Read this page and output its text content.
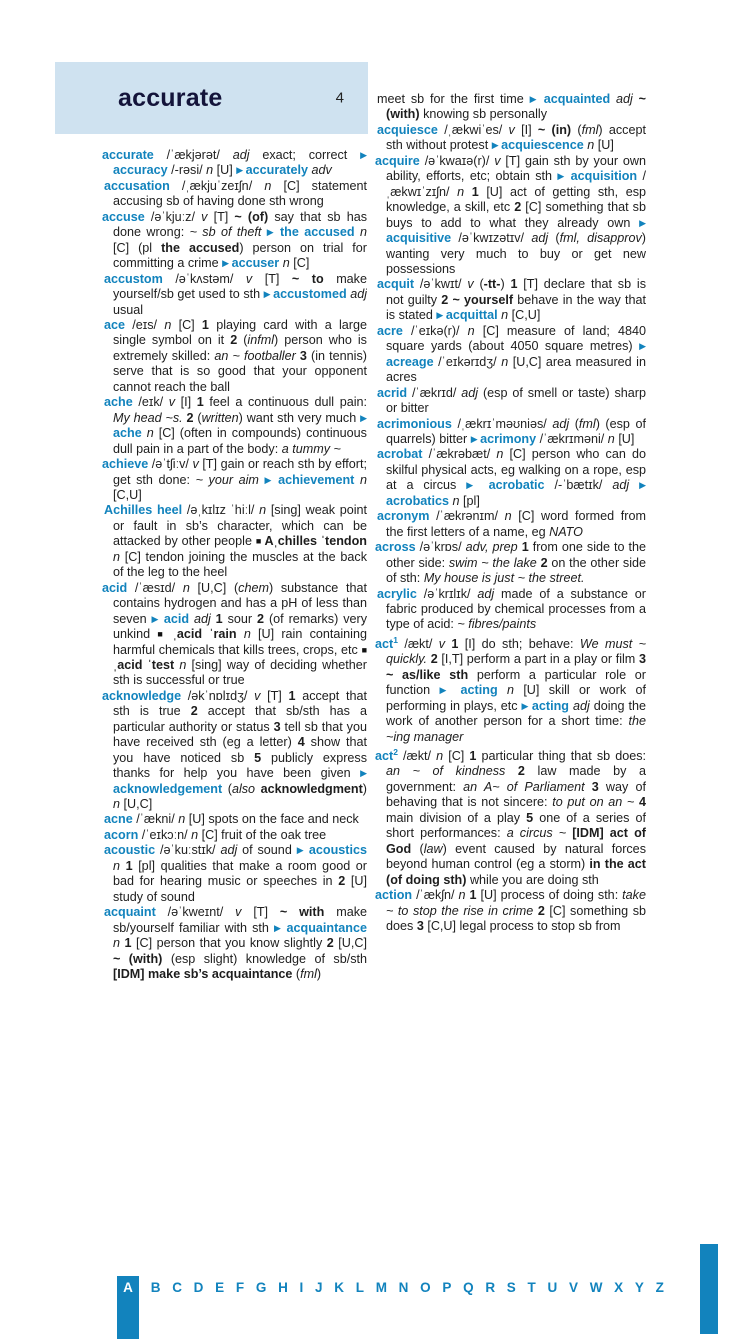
accurate	4

accurate /ˈækjərət/ adj exact; correct ▶ accuracy /-rəsi/ n [U] ▶ accurately adv

accusation /ˌækjuˈzeɪʃn/ n [C] statement accusing sb of having done sth wrong

accuse /əˈkjuːz/ v [T] ~ (of) say that sb has done wrong: ~ sb of theft ▶ the accused n [C] (pl the accused) person on trial for committing a crime ▶ accuser n [C]

accustom /əˈkʌstəm/ v [T] ~ to make yourself/sb get used to sth ▶ accustomed adj usual

ace /eɪs/ n [C] 1 playing card with a large single symbol on it 2 (infml) person who is extremely skilled: an ~ footballer 3 (in tennis) serve that is so good that your opponent cannot reach the ball

ache /eɪk/ v [I] 1 feel a continuous dull pain: My head ~s. 2 (written) want sth very much ▶ ache n [C] (often in compounds) continuous dull pain in a part of the body: a tummy ~

achieve /əˈtʃiːv/ v [T] gain or reach sth by effort; get sth done: ~ your aim ▶ achievement n [C,U]

Achilles heel /əˌkɪlɪz ˈhiːl/ n [sing] weak point or fault in sb’s character, which can be attacked by other people ■ Aˌchilles ˈtendon n [C] tendon joining the muscles at the back of the leg to the heel

acid /ˈæsɪd/ n [U,C] (chem) substance that contains hydrogen and has a pH of less than seven ▶ acid adj 1 sour 2 (of remarks) very unkind ■ ˌacid ˈrain n [U] rain containing harmful chemicals that kills trees, crops, etc ■ ˌacid ˈtest n [sing] way of deciding whether sth is successful or true

acknowledge /əkˈnɒlɪdʒ/ v [T] 1 accept that sth is true 2 accept that sb/sth has a particular authority or status 3 tell sb that you have received sth (eg a letter) 4 show that you have noticed sb 5 publicly express thanks for help you have been given ▶ acknowledgement (also acknowledgment) n [U,C]

acne /ˈækni/ n [U] spots on the face and neck

acorn /ˈeɪkɔːn/ n [C] fruit of the oak tree

acoustic /əˈkuːstɪk/ adj of sound ▶ acoustics n 1 [pl] qualities that make a room good or bad for hearing music or speeches in 2 [U] study of sound

acquaint /əˈkweɪnt/ v [T] ~ with make sb/yourself familiar with sth ▶ acquaintance n 1 [C] person that you know slightly 2 [U,C] ~ (with) (esp slight) knowledge of sb/sth [IDM] make sb’s acquaintance (fml)

meet sb for the first time ▶ acquainted adj ~ (with) knowing sb personally

acquiesce /ˌækwiˈes/ v [I] ~ (in) (fml) accept sth without protest ▶ acquiescence n [U]

acquire /əˈkwaɪə(r)/ v [T] gain sth by your own ability, efforts, etc; obtain sth ▶ acquisition /ˌækwɪˈzɪʃn/ n 1 [U] act of getting sth, esp knowledge, a skill, etc 2 [C] something that sb buys to add to what they already own ▶ acquisitive /əˈkwɪzətɪv/ adj (fml, disapprov) wanting very much to buy or get new possessions

acquit /əˈkwɪt/ v (-tt-) 1 [T] declare that sb is not guilty 2 ~ yourself behave in the way that is stated ▶ acquittal n [C,U]

acre /ˈeɪkə(r)/ n [C] measure of land; 4840 square yards (about 4050 square metres) ▶ acreage /ˈeɪkərɪdʒ/ n [U,C] area measured in acres

acrid /ˈækrɪd/ adj (esp of smell or taste) sharp or bitter

acrimonious /ˌækrɪˈməʊniəs/ adj (fml) (esp of quarrels) bitter ▶ acrimony /ˈækrɪməni/ n [U]

acrobat /ˈækrəbæt/ n [C] person who can do skilful physical acts, eg walking on a rope, esp at a circus ▶ acrobatic /-ˈbætɪk/ adj ▶ acrobatics n [pl]

acronym /ˈækrənɪm/ n [C] word formed from the first letters of a name, eg NATO

across /əˈkrɒs/ adv, prep 1 from one side to the other side: swim ~ the lake 2 on the other side of sth: My house is just ~ the street.

acrylic /əˈkrɪlɪk/ adj made of a substance or fabric produced by chemical processes from a type of acid: ~ fibres/paints

act$^1$ /ækt/ v 1 [I] do sth; behave: We must ~ quickly. 2 [I,T] perform a part in a play or film 3 ~ as/like sth perform a particular role or function ▶ acting n [U] skill or work of performing in plays, etc ▶ acting adj doing the work of another person for a short time: the ~ing manager

act$^2$ /ækt/ n [C] 1 particular thing that sb does: an ~ of kindness 2 law made by a government: an A~ of Parliament 3 way of behaving that is not sincere: to put on an ~ 4 main division of a play 5 one of a series of short performances: a circus ~ [IDM] act of God (law) event caused by natural forces beyond human control (eg a storm) in the act (of doing sth) while you are doing sth

action /ˈækʃn/ n 1 [U] process of doing sth: take ~ to stop the rise in crime 2 [C] something sb does 3 [C,U] legal process to stop sb from

A	B C D E F G H I J K L M N O P Q R S T U V W X Y Z
